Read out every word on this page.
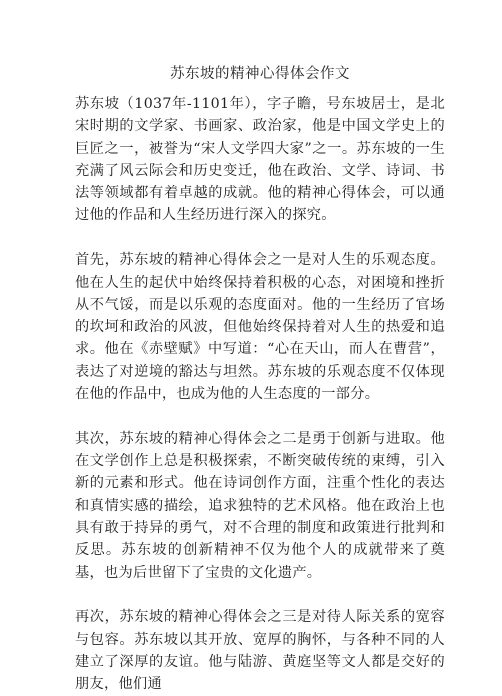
苏东坡的精神心得体会作文

苏东坡（1037年-1101年），字子瞻，号东坡居士，是北宋时期的文学家、书画家、政治家，他是中国文学史上的巨匠之一，被誉为“宋人文学四大家”之一。苏东坡的一生充满了风云际会和历史变迁，他在政治、文学、诗词、书法等领域都有着卓越的成就。他的精神心得体会，可以通过他的作品和人生经历进行深入的探究。

首先，苏东坡的精神心得体会之一是对人生的乐观态度。他在人生的起伏中始终保持着积极的心态，对困境和挫折从不气馁，而是以乐观的态度面对。他的一生经历了官场的坎坷和政治的风波，但他始终保持着对人生的热爱和追求。他在《赤壁赋》中写道：“心在天山，而人在曹营”，表达了对逆境的豁达与坦然。苏东坡的乐观态度不仅体现在他的作品中，也成为他的人生态度的一部分。

其次，苏东坡的精神心得体会之二是勇于创新与进取。他在文学创作上总是积极探索，不断突破传统的束缚，引入新的元素和形式。他在诗词创作方面，注重个性化的表达和真情实感的描绘，追求独特的艺术风格。他在政治上也具有敢于持异的勇气，对不合理的制度和政策进行批判和反思。苏东坡的创新精神不仅为他个人的成就带来了奠基，也为后世留下了宝贵的文化遗产。

再次，苏东坡的精神心得体会之三是对待人际关系的宽容与包容。苏东坡以其开放、宽厚的胸怀，与各种不同的人建立了深厚的友谊。他与陆游、黄庭坚等文人都是交好的朋友，他们通
